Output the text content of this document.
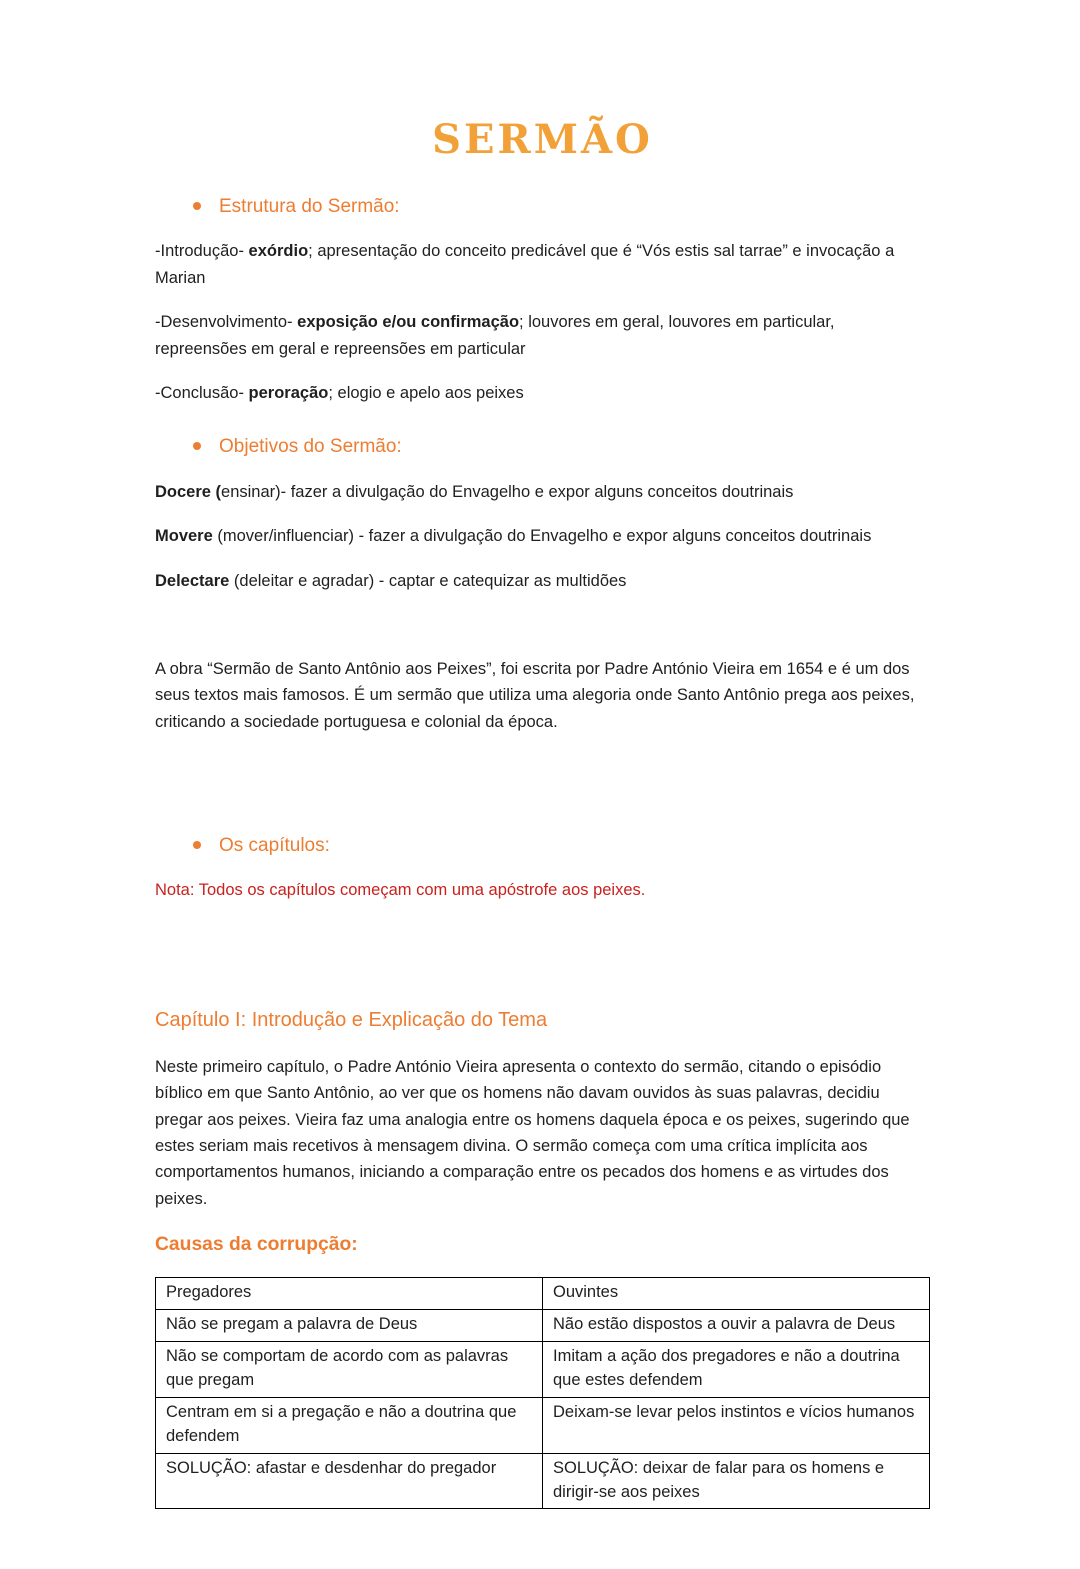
SERMÃO
Estrutura do Sermão:

-Introdução- exórdio; apresentação do conceito predicável que é “Vós estis sal tarrae” e invocação a Marian

-Desenvolvimento- exposição e/ou confirmação; louvores em geral, louvores em particular, repreensões em geral e repreensões em particular

-Conclusão- peroração; elogio e apelo aos peixes

Objetivos do Sermão:

Docere (ensinar)- fazer a divulgação do Envagelho e expor alguns conceitos doutrinais

Movere (mover/influenciar) - fazer a divulgação do Envagelho e expor alguns conceitos doutrinais

Delectare (deleitar e agradar) - captar e catequizar as multidões

A obra “Sermão de Santo Antônio aos Peixes”, foi escrita por Padre António Vieira em 1654 e é um dos seus textos mais famosos. É um sermão que utiliza uma alegoria onde Santo Antônio prega aos peixes, criticando a sociedade portuguesa e colonial da época.

Os capítulos:

Nota: Todos os capítulos começam com uma apóstrofe aos peixes.

Capítulo I: Introdução e Explicação do Tema

Neste primeiro capítulo, o Padre António Vieira apresenta o contexto do sermão, citando o episódio bíblico em que Santo Antônio, ao ver que os homens não davam ouvidos às suas palavras, decidiu pregar aos peixes. Vieira faz uma analogia entre os homens daquela época e os peixes, sugerindo que estes seriam mais recetivos à mensagem divina. O sermão começa com uma crítica implícita aos comportamentos humanos, iniciando a comparação entre os pecados dos homens e as virtudes dos peixes.

Causas da corrupção:
Pregadores	Ouvintes
Não se pregam a palavra de Deus	Não estão dispostos a ouvir a palavra de Deus
Não se comportam de acordo com as palavras que pregam	Imitam a ação dos pregadores e não a doutrina que estes defendem
Centram em si a pregação e não a doutrina que defendem	Deixam-se levar pelos instintos e vícios humanos
SOLUÇÃO: afastar e desdenhar do pregador	SOLUÇÃO: deixar de falar para os homens e dirigir-se aos peixes
